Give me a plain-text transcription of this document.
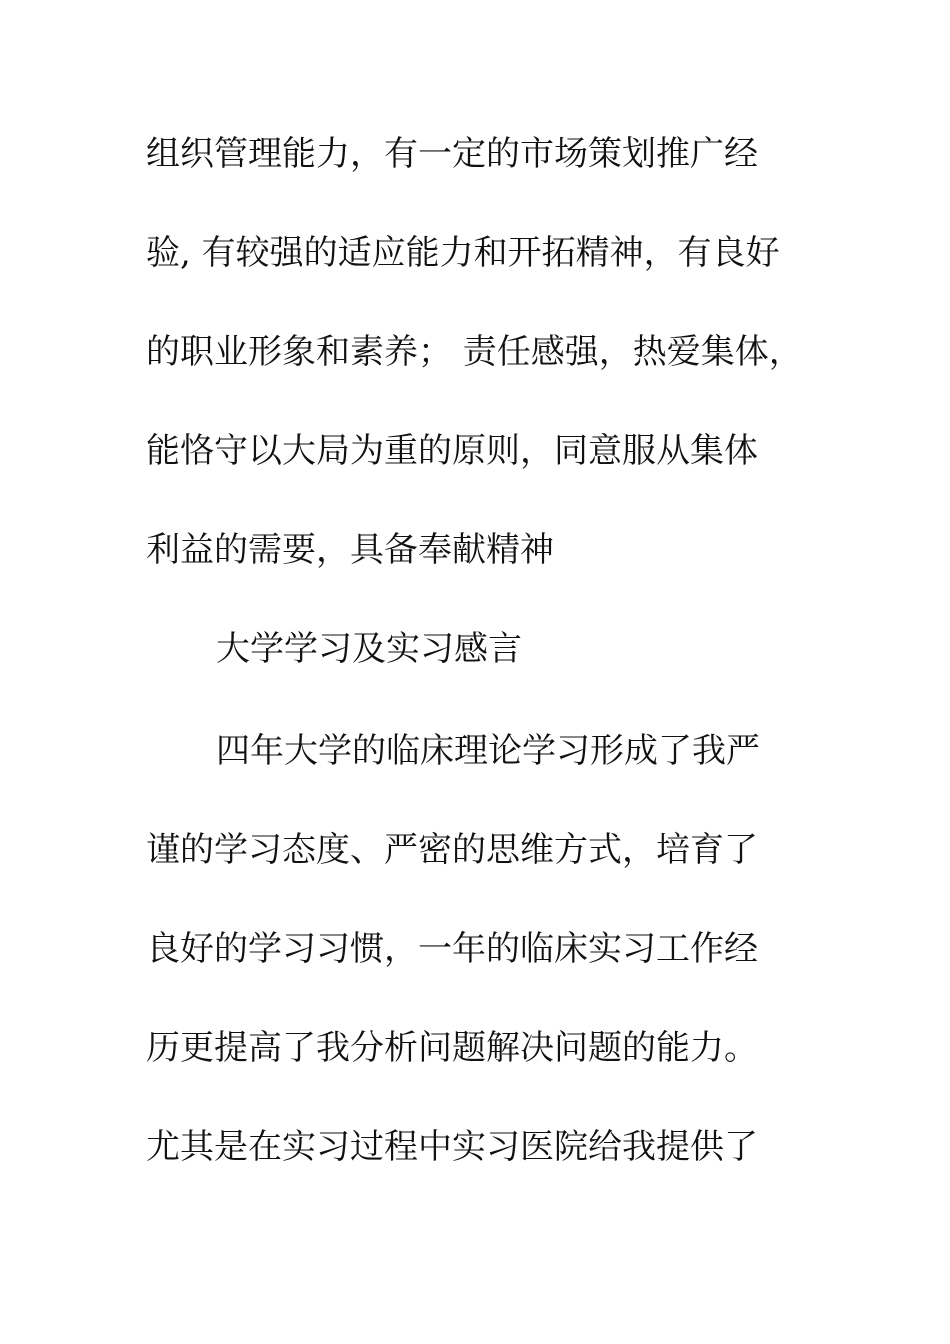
组织管理能力，有一定的市场策划推广经

验, 有较强的适应能力和开拓精神，有良好

的职业形象和素养； 责任感强，热爱集体，

能恪守以大局为重的原则，同意服从集体

利益的需要，具备奉献精神

大学学习及实习感言

四年大学的临床理论学习形成了我严

谨的学习态度、严密的思维方式，培育了

良好的学习习惯，一年的临床实习工作经

历更提高了我分析问题解决问题的能力。

尤其是在实习过程中实习医院给我提供了
